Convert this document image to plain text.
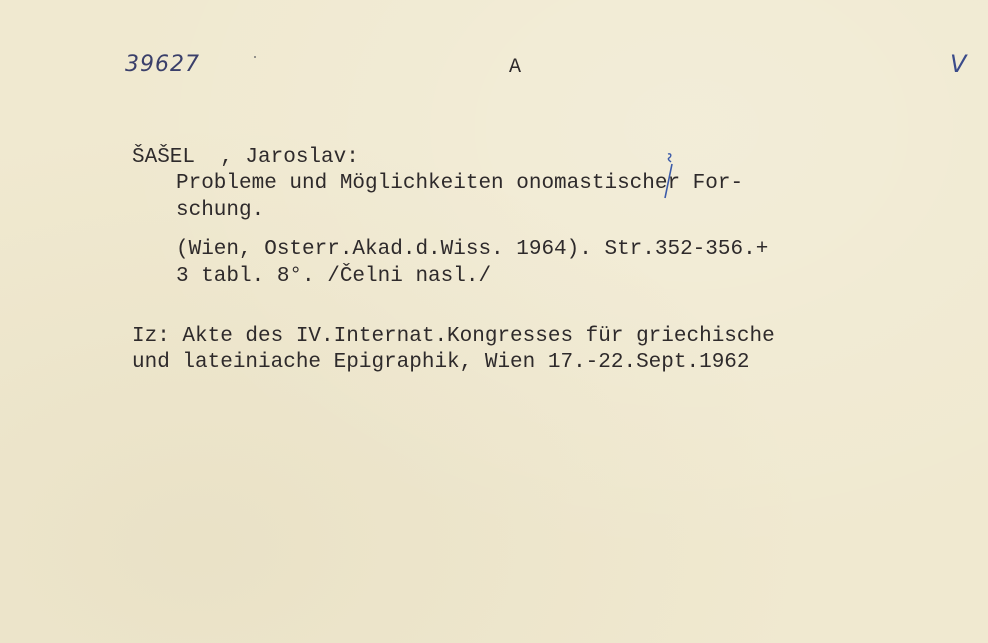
39627	A	V
ŠAŠEL  , Jaroslav:
Probleme und Möglichkeiten onomastischer For-
schung.
(Wien, Osterr.Akad.d.Wiss. 1964). Str.352-356.+
3 tabl. 8°. /Čelni nasl./
Iz: Akte des IV.Internat.Kongresses für griechische
und lateiniache Epigraphik, Wien 17.-22.Sept.1962
